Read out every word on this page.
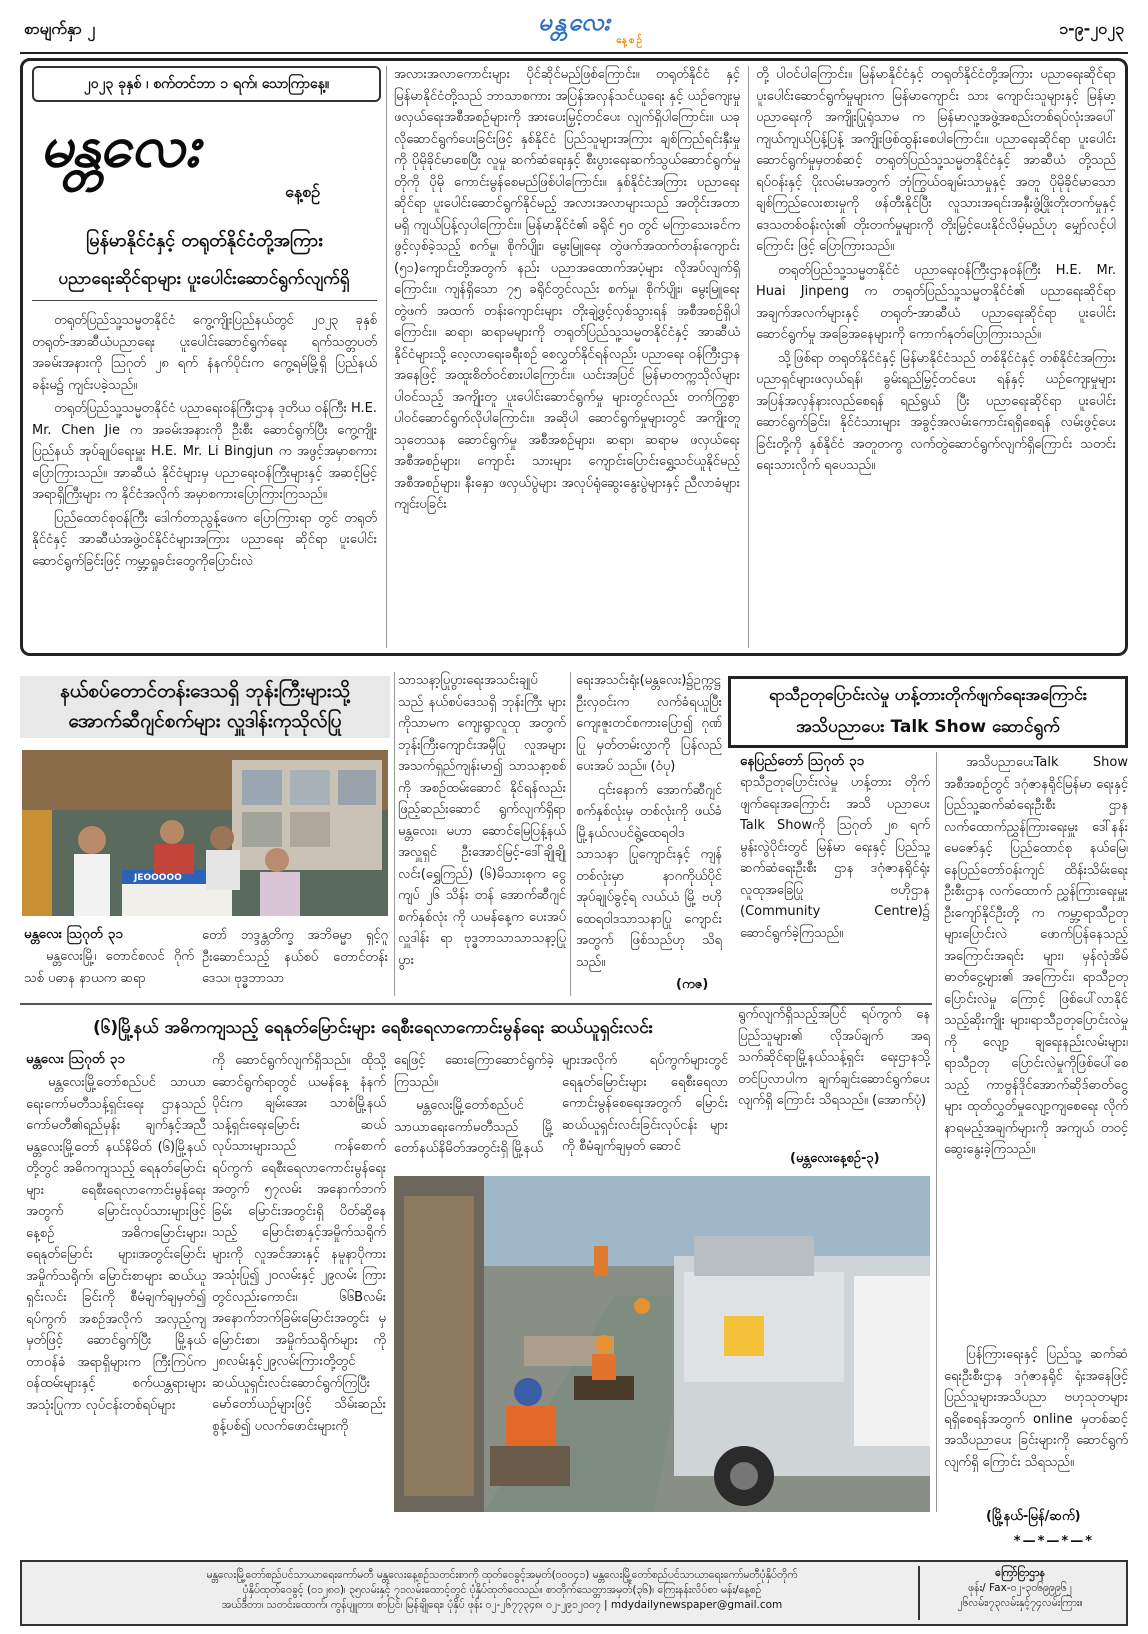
စာမျက်နှာ ၂	မန္တလေး
နေ့စဉ်
၁-၉-၂၀၂၃
၂၀၂၃ ခုနှစ် ၊ စက်တင်ဘာ ၁ ရက်၊ သောကြာနေ့။
မန္တလေး
နေ့စဉ်
မြန်မာနိုင်ငံနှင့် တရုတ်နိုင်ငံတို့အကြား
ပညာရေးဆိုင်ရာများ ပူးပေါင်းဆောင်ရွက်လျက်ရှိ

တရုတ်ပြည်သူ့သမ္မတနိုင်ငံ ကွေ့ကျိုးပြည်နယ်တွင် ၂၀၂၃ ခုနှစ် တရုတ်-အာဆီယံပညာရေး ပူးပေါင်းဆောင်ရွက်ရေး ရက်သတ္တပတ် အခမ်းအနားကို ဩဂုတ် ၂၈ ရက် နံနက်ပိုင်းက ကွေ့ရမ်မြို့ရှိ ပြည်နယ်ခန်းမ၌ ကျင်းပခဲ့သည်။

တရုတ်ပြည်သူ့သမ္မတနိုင်ငံ ပညာရေးဝန်ကြီးဌာန ဒုတိယ ဝန်ကြီး H.E. Mr. Chen Jie က အခမ်းအနားကို ဦးစီး ဆောင်ရွက်ပြီး ကွေ့ကျိုးပြည်နယ် အုပ်ချုပ်ရေးမှူး H.E. Mr. Li Bingjun က အဖွင့်အမှာစကား ပြောကြားသည်။ အာဆီယံ နိုင်ငံများမှ ပညာရေးဝန်ကြီးများနှင့် အဆင့်မြင့်အရာရှိကြီးများ က နိုင်ငံအလိုက် အမှာစကားပြောကြားကြသည်။

ပြည်ထောင်စုဝန်ကြီး ဒေါက်တာညွန့်ဖေက ပြောကြားရာ တွင် တရုတ်နိုင်ငံနှင့် အာဆီယံအဖွဲ့ဝင်နိုင်ငံများအကြား ပညာရေး ဆိုင်ရာ ပူးပေါင်းဆောင်ရွက်ခြင်းဖြင့် ကမ္ဘာ့ရှုခင်းတွေကိုပြောင်းလဲ

အလားအလာကောင်းများ ပိုင်ဆိုင်မည်ဖြစ်ကြောင်း။ တရုတ်နိုင်ငံ နှင့် မြန်မာနိုင်ငံတို့သည် ဘာသာစကား အပြန်အလှန်သင်ယူရေး နှင့် ယဉ်ကျေးမှုဖလှယ်ရေးအစီအစဉ်များကို အားပေးမြှင့်တင်ပေး လျက်ရှိပါကြောင်း။ ယခုလိုဆောင်ရွက်ပေးခြင်းဖြင့် နှစ်နိုင်ငံ ပြည်သူများအကြား ချစ်ကြည်ရင်းနှီးမှုကို ပိုမိုခိုင်မာစေပြီး လူမှု ဆက်ဆံရေးနှင့် စီးပွားရေးဆက်သွယ်ဆောင်ရွက်မှုတိုကို ပိုမို ကောင်းမွန်စေမည်ဖြစ်ပါကြောင်း။ နှစ်နိုင်ငံအကြား ပညာရေးဆိုင်ရာ ပူးပေါင်းဆောင်ရွက်နိုင်မည့် အလားအလာများသည် အတိုင်းအတာ မရှိ ကျယ်ပြန့်လှပါကြောင်း။ မြန်မာနိုင်ငံ၏ ခရိုင် ၅၀ တွင် မကြာသေးခင်က ဖွင့်လှစ်ခဲ့သည့် စက်မှု၊ စိုက်ပျိုး၊ မွေးမြူရေး တွဲဖက်အထက်တန်းကျောင်း (၅၁)ကျောင်းတို့အတွက် နည်း ပညာအထောက်အပံ့များ လိုအပ်လျက်ရှိကြောင်း။ ကျန်ရှိသော ၇၅ ခရိုင်တွင်လည်း စက်မှု၊ စိုက်ပျိုး၊ မွေးမြူရေးတွဲဖက် အထက် တန်းကျောင်းများ တိုးချဲ့ဖွင့်လှစ်သွားရန် အစီအစဉ်ရှိပါကြောင်း။ ဆရာ၊ ဆရာမများကို တရုတ်ပြည်သူ့သမ္မတနိုင်ငံနှင့် အာဆီယံ နိုင်ငံများသို့ လေ့လာရေးခရီးစဉ် စေလွှတ်နိုင်ရန်လည်း ပညာရေး ဝန်ကြီးဌာနအနေဖြင့် အထူးစိတ်ဝင်စားပါကြောင်း။ ယင်းအပြင် မြန်မာတက္ကသိုလ်များပါဝင်သည့် အကျိုးတူ ပူးပေါင်းဆောင်ရွက်မှု များတွင်လည်း တက်ကြွစွာပါဝင်ဆောင်ရွက်လိုပါကြောင်း။ အဆိုပါ ဆောင်ရွက်မှုများတွင် အကျိုးတူ သုတေသန ဆောင်ရွက်မှု အစီအစဉ်များ၊ ဆရာ၊ ဆရာမ ဖလှယ်ရေးအစီအစဉ်များ၊ ကျောင်း သားများ ကျောင်းပြောင်းရွှေ့သင်ယူနိုင်မည့် အစီအစဉ်များ၊ နီးနှော ဖလှယ်ပွဲများ အလုပ်ရုံဆွေးနွေးပွဲများနှင့် ညီလာခံများ ကျင်းပခြင်း

တို့ ပါဝင်ပါကြောင်း။ မြန်မာနိုင်ငံနှင့် တရုတ်နိုင်ငံတို့အကြား ပညာရေးဆိုင်ရာ ပူးပေါင်းဆောင်ရွက်မှုများက မြန်မာကျောင်း သား ကျောင်းသူများနှင့် မြန်မာ့ပညာရေးကို အကျိုးပြုရုံသာမ က မြန်မာလူ့အဖွဲ့အစည်းတစ်ရပ်လုံးအပေါ် ကျယ်ကျယ်ပြန့်ပြန့် အကျိုးဖြစ်ထွန်းစေပါကြောင်း။ ပညာရေးဆိုင်ရာ ပူးပေါင်း ဆောင်ရွက်မှုမှတစ်ဆင့် တရုတ်ပြည်သူ့သမ္မတနိုင်ငံနှင့် အာဆီယံ တို့သည် ရပ်ဝန်းနှင့် ပိုးလမ်းမအတွက် ဘုံကြွယ်ဝချမ်းသာမှုနှင့် အတူ ပိုမိုခိုင်မာသော ချစ်ကြည်လေးစားမှုကို ဖန်တီးနိုင်ပြီး လူသားအရင်းအနှီးဖွံ့ဖြိုးတိုးတက်မှုနှင့် ဒေသတစ်ဝန်းလုံး၏ တိုးတက်မှုများကို တိုးမြှင့်ပေးနိုင်လိမ့်မည်ဟု မျှော်လင့်ပါကြောင်း ဖြင့် ပြောကြားသည်။

တရုတ်ပြည်သူ့သမ္မတနိုင်ငံ ပညာရေးဝန်ကြီးဌာနဝန်ကြီး H.E. Mr. Huai Jinpeng က တရုတ်ပြည်သူ့သမ္မတနိုင်ငံ၏ ပညာရေးဆိုင်ရာအချက်အလက်များနှင့် တရုတ်-အာဆီယံ ပညာရေးဆိုင်ရာ ပူးပေါင်းဆောင်ရွက်မှု အခြေအနေများကို ကောက်နုတ်ပြောကြားသည်။

သို့ဖြစ်ရာ တရုတ်နိုင်ငံနှင့် မြန်မာနိုင်ငံသည် တစ်နိုင်ငံနှင့် တစ်နိုင်ငံအကြား ပညာရှင်များဖလှယ်ရန်၊ ခွမ်းရည်မြှင့်တင်ပေး ရန်နှင့် ယဉ်ကျေးမှုများ အပြန်အလှန်နားလည်စေရန် ရည်ရွယ် ပြီး ပညာရေးဆိုင်ရာ ပူးပေါင်းဆောင်ရွက်ခြင်း၊ နိုင်ငံသားများ အခွင့်အလမ်းကောင်းရရှိစေရန် လမ်းဖွင့်ပေးခြင်းတို့ကို နှစ်နိုင်ငံ အတူတကွ လက်တွဲဆောင်ရွက်လျက်ရှိကြောင်း သတင်းရေးသားလိုက် ရပေသည်။

နယ်စပ်တောင်တန်းဒေသရှိ ဘုန်းကြီးများသို့
အောက်ဆီဂျင်စက်များ လှူဒါန်းကုသိုလ်ပြု
JEOOOOO
မန္တလေး ဩဂုတ် ၃၁

မန္တလေးမြို့၊ တောင်စလင် ဂိုက်သစ် ပဓာန နာယက ဆရာ

တော် ဘဒ္ဒန္တတိက္ခ အဘိဓမ္မာ ရှင့်ဂူ ဦးဆောင်သည့် နယ်စပ် တောင်တန်းဒေသ၊ ဗုဒ္ဓဘာသာ

သာသနာ့ပြုပွားရေးအသင်းချုပ် သည် နယ်စပ်ဒေသရှိ ဘုန်းကြီး များကိုသာမက ကျေးရွာလူထု အတွက် ဘုန်းကြီးကျောင်းအမှီပြု လူအများ အသက်ရှည်ကျန်းမာ၍ သာသနာ့စစ်ကို အစဉ်ထမ်းဆောင် နိုင်ရန်လည်း ဖြည့်ဆည်းဆောင် ရွက်လျက်ရှိရာ မန္တလေး၊ မဟာ ဆောင်မြေပြန့်နယ် အလှူရှင် ဦးအောင်မြင့်-ဒေါ်ချိုချိုလင်း(ရွှေကြည်) (၆)မိသားစုက ငွေကျပ် ၂၆ သိန်း တန် အောက်ဆီဂျင်စက်နှစ်လုံး ကို ယမန်နေ့က ပေးအပ်လှူဒါန်း ရာ ဗုဒ္ဓဘာသာသာသနာ့ပြုပွား

ရေးအသင်းရုံး(မန္တလေး)၌ဥက္ကဋ္ဌ ဦးလှဝင်းက လက်ခံရယူပြီး ကျေးဇူးတင်စကားပြော၍ ဂုဏ်ပြု မှတ်တမ်းလွှာကို ပြန်လည်ပေးအပ် သည်။ (ဝံပု)

၎င်းနောက် အောက်ဆီဂျင် စက်နှစ်လုံးမှ တစ်လုံးကို ဖယ်ခံ မြို့နယ်လပင်ရွဲ့ထေရဝါဒသာသနာ ပြုကျောင်းနှင့် ကျန်တစ်လုံးမှာ နာဂကိုယ်ပိုင်အုပ်ချုပ်ခွင့်ရ လယ်ယံ မြို့ ဗဟိုထေရဝါဒသာသနာပြု ကျောင်းအတွက် ဖြစ်သည်ဟု သိရသည်။

(ကဇ)
ရာသီဥတုပြောင်းလဲမှု ဟန့်တားတိုက်ဖျက်ရေးအကြောင်း
အသိပညာပေး Talk Show ဆောင်ရွက်
နေပြည်တော် ဩဂုတ် ၃၁

ရာသီဥတုပြောင်းလဲမှု ဟန့်တား တိုက်ဖျက်ရေးအကြောင်း အသိ ပညာပေး Talk Showကို ဩဂုတ် ၂၈ ရက် မွန်းလွဲပိုင်းတွင် မြန်မာ ရေးနှင့် ပြည်သူ့ဆက်ဆံရေးဦးစီး ဌာန ဒဂုံဇာနရိုင်ရုံး လူထုအခြေပြု ဗဟိုဌာန (Community Centre)၌ ဆောင်ရွက်ခဲ့ကြသည်။

အသိပညာပေးTalk Show အစီအစဉ်တွင် ဒဂုံဇာနရိုင်မြန်မာ ရေးနှင့် ပြည်သူ့ဆက်ဆံရေးဦးစီး ဌာန လက်ထောက်ညွှန်ကြားရေးမှူး ဒေါ်နန်းမေဇော်နှင့် ပြည်ထောင်စု နယ်မြေ၊ နေပြည်တော်ဝန်းကျင် ထိန်းသိမ်းရေးဦးစီးဌာန လက်ထောက် ညွှန်ကြားရေးမှူး ဦးကျော်နိုင်ဦးတို့ က ကမ္ဘာ့ရာသီဥတုများပြောင်းလဲ ဖောက်ပြန်နေသည့် အကြောင်းအရင်း များ၊ မှန်လုံအိမ်ဓာတ်ငွေ့များ၏ အကြောင်း၊ ရာသီဥတုပြောင်းလဲမှု ကြောင့် ဖြစ်ပေါ်လာနိုင်သည့်ဆိုးကျိုး များ၊ရာသီဥတုပြောင်းလဲမှုကို လျော့ ချရေးနည်းလမ်းများ၊ ရာသီဥတု ပြောင်းလဲမှုကိုဖြစ်ပေါ်စေသည့် ကာဗွန်ဒိုင်အောက်ဆိုဒ်ဓာတ်ငွေ့များ ထုတ်လွှတ်မှုလျော့ကျစေရေး လိုက် နာရမည့်အချက်များကို အကျယ် တဝင့် ဆွေးနွေးခဲ့ကြသည်။

ပြန်ကြားရေးနှင့် ပြည်သူ့ ဆက်ဆံရေးဦးစီးဌာန ဒဂုံဇာနရိုင် ရုံးအနေဖြင့် ပြည်သူများအသိပညာ ဗဟုသုတများရရှိစေရန်အတွက် online မှတစ်ဆင့် အသိပညာပေး ခြင်းများကို ဆောင်ရွက်လျက်ရှိ ကြောင်း သိရသည်။

(မြို့နယ်-မြန်/ဆက်)
*—*—*—*
(၆)မြို့နယ် အဓိကကျသည့် ရေနုတ်မြောင်းများ ရေစီးရေလာကောင်းမွန်ရေး ဆယ်ယူရှင်းလင်း
မန္တလေး ဩဂုတ် ၃၁

မန္တလေးမြို့တော်စည်ပင် သာယာရေးကော်မတီသန့်ရှင်းရေး ဌာနသည် ကော်မတီ၏ရည်မှန်း ချက်နှင့်အညီ မန္တလေးမြို့တော် နယ်နိမိတ် (၆)မြို့နယ်တို့တွင် အဓိကကျသည့် ရေနုတ်မြောင်းများ ရေစီးရေလာကောင်းမွန်ရေးအတွက် မြောင်းလုပ်သားများဖြင့် နေ့စဉ် အဓိကမြောင်းများ၊ရေနုတ်မြောင်း များ၊အတွင်းမြောင်း အမှိုက်သရိုက်၊ မြောင်းစာများ ဆယ်ယူရှင်းလင်း ခြင်းကို စီမံချက်ချမှတ်၍ ရပ်ကွက် အစဉ်အလိုက် အလှည့်ကျမှတ်ဖြင့် ဆောင်ရွက်ပြီး မြို့နယ်တာဝန်ခံ အရာရှိများက ကြီးကြပ်က ဝန်ထမ်းများနှင့် စက်ယန္တရားများ အသုံးပြုကာ လုပ်ငန်းတစ်ရပ်များ

ကို ဆောင်ရွက်လျက်ရှိသည်။ ထိုသို့ ဆောင်ရွက်ရာတွင် ယမန်နေ့ နံနက်ပိုင်းက ချမ်းအေး သာစံမြို့နယ် သန့်ရှင်းရေးမြောင်း ဆယ်လုပ်သားများသည် ကန်စောက် ရပ်ကွက် ရေစီးရေလာကောင်းမွန်ရေး အတွက် ၅၇လမ်း အနောက်ဘက် ခြမ်း မြောင်းအတွင်းရှိ ပိတ်ဆို့နေ သည့် မြောင်းစာနှင့်အမှိုက်သရိုက် များကို လူအင်အားနှင့် နမူနာပိုကား အသုံးပြု၍ ၂၀လမ်းနှင့် ၂၉လမ်း ကြားတွင်လည်းကောင်း၊ ၆၆Bလမ်း အနောက်ဘက်ခြမ်းမြောင်းအတွင်း မှ မြောင်းစာ၊ အမှိုက်သရိုက်များ ကို ၂၈လမ်းနှင့်၂၉လမ်းကြားတို့တွင် ဆယ်ယူရှင်းလင်းဆောင်ရွက်ကြပြီး မော်တော်ယဉ်များဖြင့် သိမ်းဆည်း စွန့်ပစ်၍ ပလက်ဖောင်းများကို

ရေဖြင့် ဆေးကြောဆောင်ရွက်ခဲ့ ကြသည်။

မန္တလေးမြို့တော်စည်ပင် သာယာရေးကော်မတီသည် မြို့ တော်နယ်နိမိတ်အတွင်းရှိ မြို့နယ်

များအလိုက် ရပ်ကွက်များတွင် ရေနုတ်မြောင်းများ ရေစီးရေလာ ကောင်းမွန်စေရေးအတွက် မြောင်း ဆယ်ယူရှင်းလင်းခြင်းလုပ်ငန်း များကို စီမံချက်ချမှတ် ဆောင်

ရွက်လျက်ရှိသည့်အပြင် ရပ်ကွက် နေ ပြည်သူများ၏ လိုအပ်ချက် အရ သက်ဆိုင်ရာမြို့နယ်သန့်ရှင်း ရေးဌာနသို့ တင်ပြလာပါက ချက်ချင်းဆောင်ရွက်ပေးလျက်ရှိ ကြောင်း သိရသည်။ (အောက်ပုံ)

(မန္တလေးနေ့စဉ်-၃)
မန္တလေးမြို့တော်စည်ပင်သာယာရေးကော်မတီ မန္တလေးနေ့စဉ်သတင်းစာကို ထုတ်ဝေခွင့်အမှတ်(၀၀၀၄၁) မန္တလေးမြို့တော်စည်ပင်သာယာရေးကော်မတီပုံနှိပ်တိုက်
ပုံနှိပ်ထုတ်ဝေခွင့် (၀၁၂၈၀)၊ ၃၅လမ်းနှင့် ၇၁လမ်းထောင့်တွင် ပုံနှိပ်ထုတ်ဝေသည်။ စာတိုက်သေတ္တာအမှတ်(၃၆)၊ ကြေးနန်းလိပ်စာ မန်း/နေ့စဉ်
အယ်ဒီတာ၊ သတင်းထောက်၊ ကွန်ပျူတာ၊ စာပြင်၊ မြန်ချိုရေး၊ ပုံနှိပ် ဖုန်း ၀၂-၂၆၇၇၃၄၈၊ ၀၂-၂၉၁၂၀၀၇ | mdydailynewspaper@gmail.com
ကြော်ငြာဌာန
ဖုန်း/ Fax-၀၂-၃၀၆၉၉၉၆၂
၂၆လမ်း၊၇၃လမ်းနှင့်၇၄လမ်းကြား။
